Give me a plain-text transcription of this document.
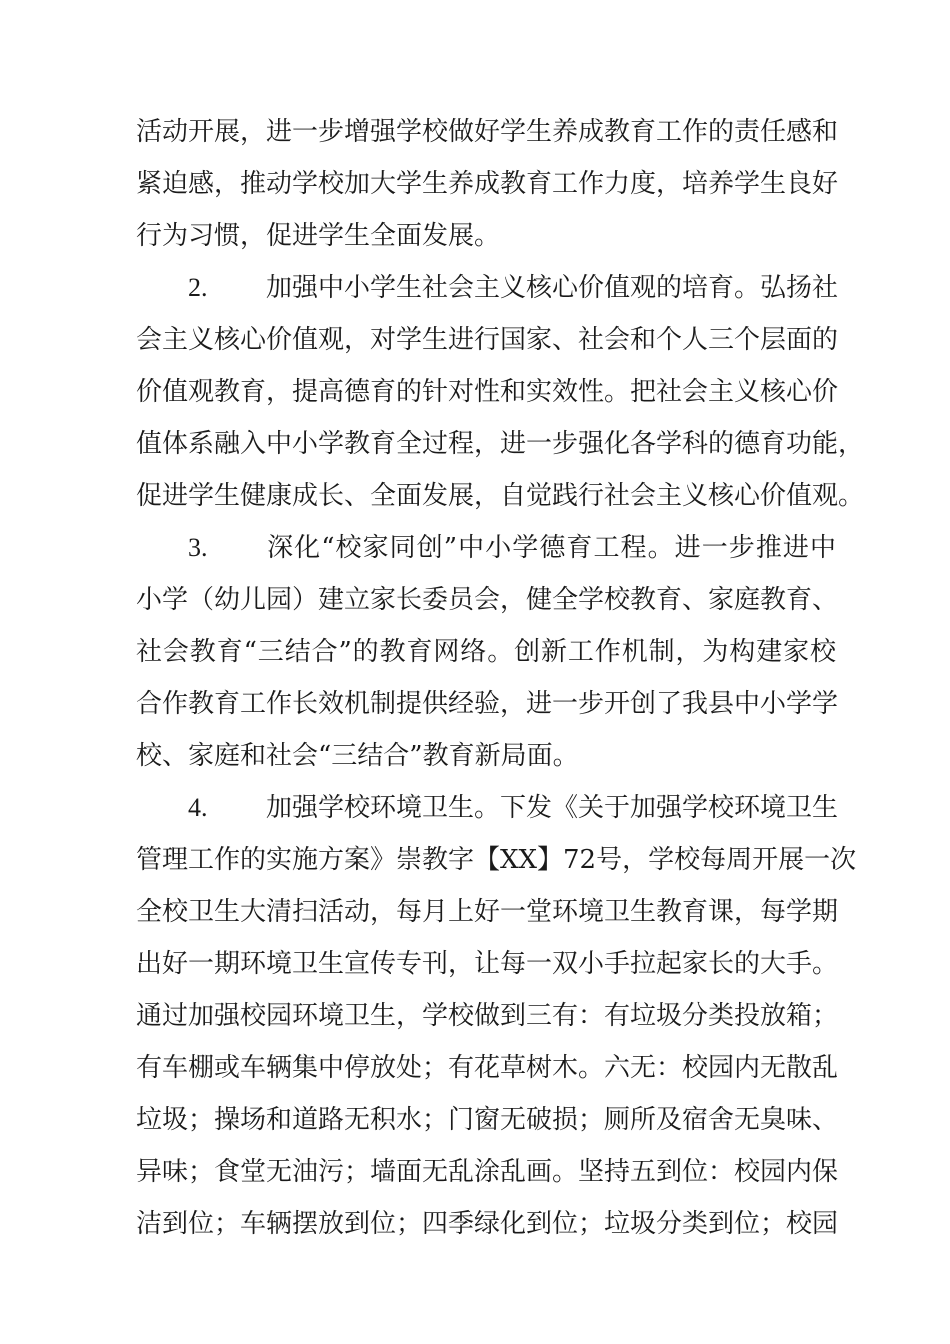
活动开展，进一步增强学校做好学生养成教育工作的责任感和
紧迫感，推动学校加大学生养成教育工作力度，培养学生良好
行为习惯，促进学生全面发展。
2. 加强中小学生社会主义核心价值观的培育。弘扬社
会主义核心价值观，对学生进行国家、社会和个人三个层面的
价值观教育，提高德育的针对性和实效性。把社会主义核心价
值体系融入中小学教育全过程，进一步强化各学科的德育功能，
促进学生健康成长、全面发展，自觉践行社会主义核心价值观。
3. 深化“校家同创”中小学德育工程。进一步推进中
小学（幼儿园）建立家长委员会，健全学校教育、家庭教育、
社会教育“三结合”的教育网络。创新工作机制，为构建家校
合作教育工作长效机制提供经验，进一步开创了我县中小学学
校、家庭和社会“三结合”教育新局面。
4. 加强学校环境卫生。下发《关于加强学校环境卫生
管理工作的实施方案》崇教字【XX】72号，学校每周开展一次
全校卫生大清扫活动，每月上好一堂环境卫生教育课，每学期
出好一期环境卫生宣传专刊，让每一双小手拉起家长的大手。
通过加强校园环境卫生，学校做到三有：有垃圾分类投放箱；
有车棚或车辆集中停放处；有花草树木。六无：校园内无散乱
垃圾；操场和道路无积水；门窗无破损；厕所及宿舍无臭味、
异味；食堂无油污；墙面无乱涂乱画。坚持五到位：校园内保
洁到位；车辆摆放到位；四季绿化到位；垃圾分类到位；校园
